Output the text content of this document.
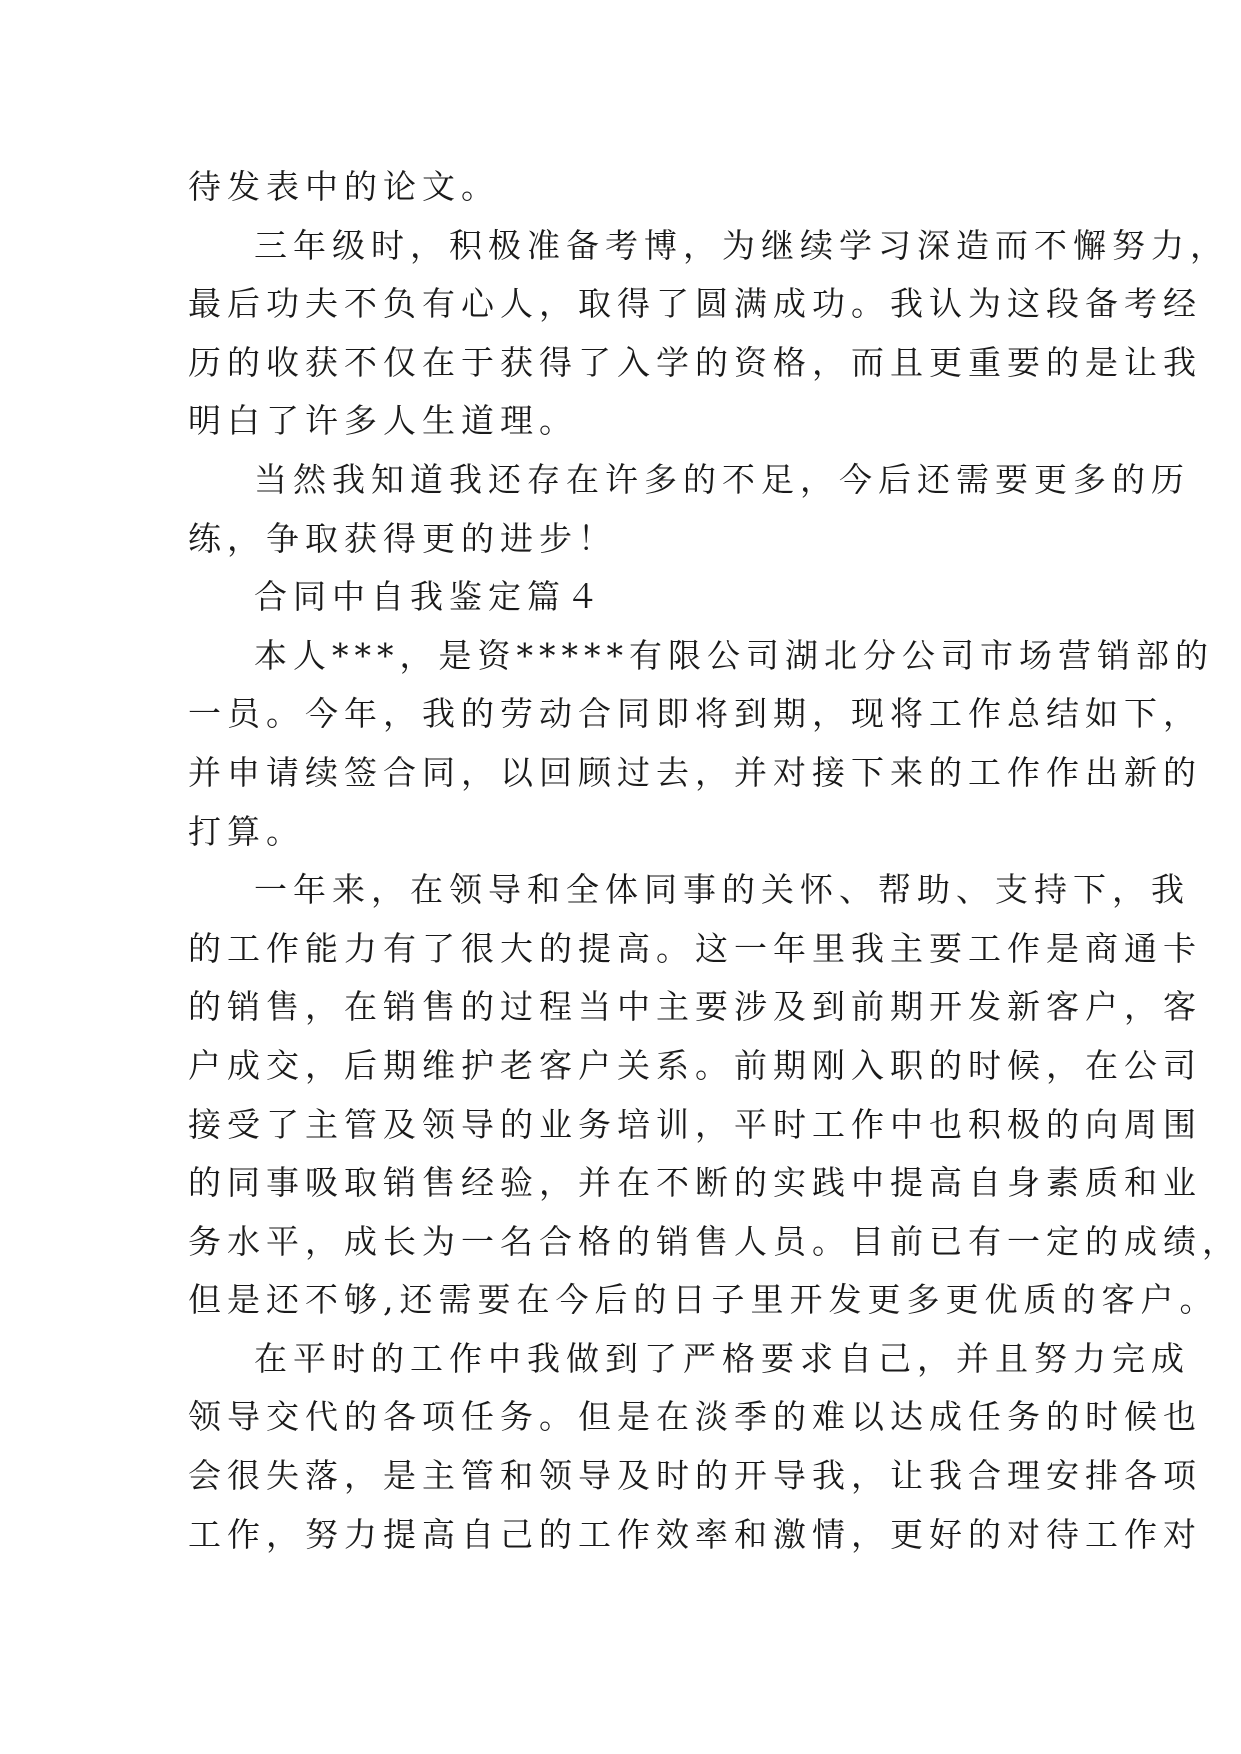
待发表中的论文。
三年级时，积极准备考博，为继续学习深造而不懈努力，
最后功夫不负有心人，取得了圆满成功。我认为这段备考经
历的收获不仅在于获得了入学的资格，而且更重要的是让我
明白了许多人生道理。
当然我知道我还存在许多的不足，今后还需要更多的历
练，争取获得更的进步！
合同中自我鉴定篇４
本人***，是资*****有限公司湖北分公司市场营销部的
一员。今年，我的劳动合同即将到期，现将工作总结如下，
并申请续签合同，以回顾过去，并对接下来的工作作出新的
打算。
一年来，在领导和全体同事的关怀、帮助、支持下，我
的工作能力有了很大的提高。这一年里我主要工作是商通卡
的销售，在销售的过程当中主要涉及到前期开发新客户，客
户成交，后期维护老客户关系。前期刚入职的时候，在公司
接受了主管及领导的业务培训，平时工作中也积极的向周围
的同事吸取销售经验，并在不断的实践中提高自身素质和业
务水平，成长为一名合格的销售人员。目前已有一定的成绩，
但是还不够,还需要在今后的日子里开发更多更优质的客户。
在平时的工作中我做到了严格要求自己，并且努力完成
领导交代的各项任务。但是在淡季的难以达成任务的时候也
会很失落，是主管和领导及时的开导我，让我合理安排各项
工作，努力提高自己的工作效率和激情，更好的对待工作对
